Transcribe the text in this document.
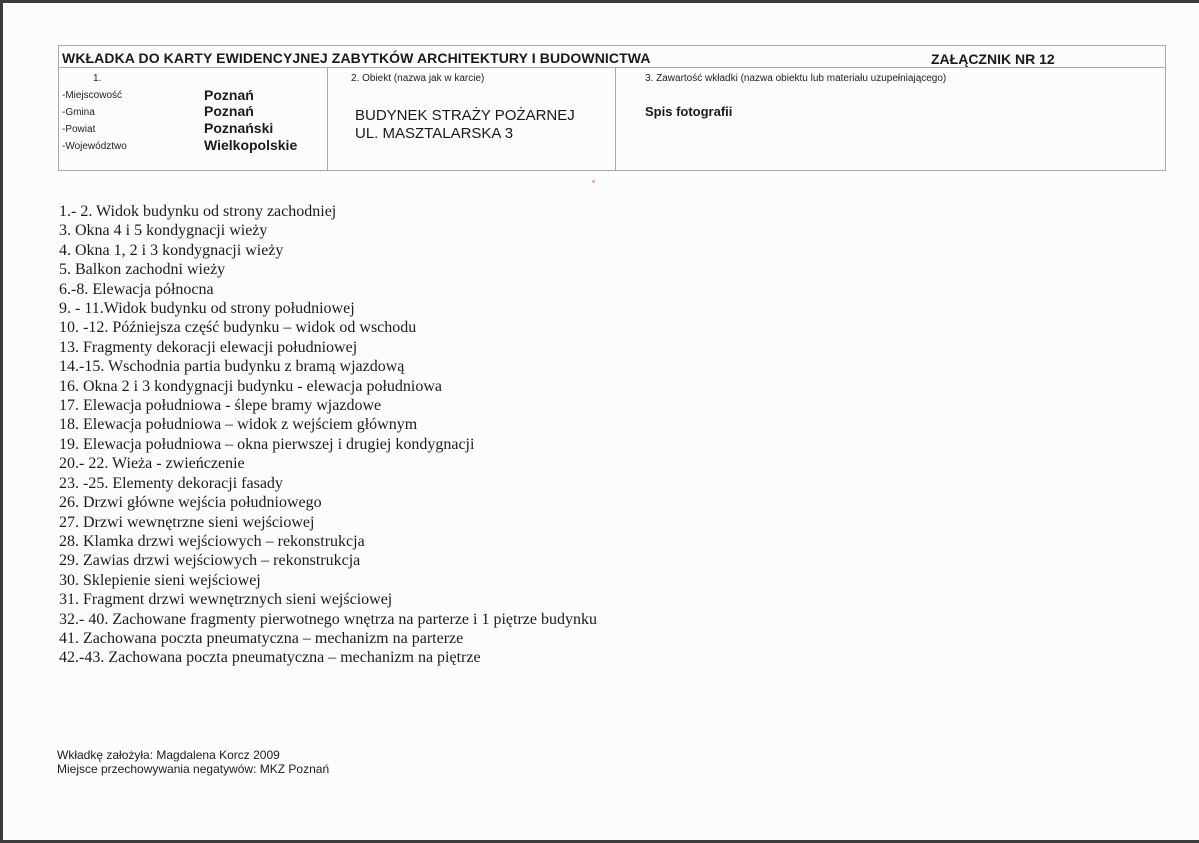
WKŁADKA DO KARTY EWIDENCYJNEJ ZABYTKÓW ARCHITEKTURY I BUDOWNICTWA	ZAŁĄCZNIK NR 12
1.
-Miejscowość	Poznań
-Gmina	Poznań
-Powiat	Poznański
-Województwo	Wielkopolskie
2. Obiekt (nazwa jak w karcie)
BUDYNEK STRAŻY POŻARNEJ
UL. MASZTALARSKA 3
3. Zawartość wkładki (nazwa obiektu lub materiału uzupełniającego)
Spis fotografii
1.- 2. Widok budynku od strony zachodniej
3. Okna 4 i 5 kondygnacji wieży
4. Okna 1, 2 i 3 kondygnacji wieży
5. Balkon zachodni wieży
6.-8. Elewacja północna
9. - 11.Widok budynku od strony południowej
10. -12. Późniejsza część budynku – widok od wschodu
13. Fragmenty dekoracji elewacji południowej
14.-15. Wschodnia partia budynku z bramą wjazdową
16. Okna 2 i 3 kondygnacji budynku - elewacja południowa
17. Elewacja południowa - ślepe bramy wjazdowe
18. Elewacja południowa – widok z wejściem głównym
19. Elewacja południowa – okna pierwszej i drugiej kondygnacji
20.- 22. Wieża - zwieńczenie
23. -25. Elementy dekoracji fasady
26. Drzwi główne wejścia południowego
27. Drzwi wewnętrzne sieni wejściowej
28. Klamka drzwi wejściowych – rekonstrukcja
29. Zawias drzwi wejściowych – rekonstrukcja
30. Sklepienie sieni wejściowej
31. Fragment drzwi wewnętrznych sieni wejściowej
32.- 40. Zachowane fragmenty pierwotnego wnętrza na parterze i 1 piętrze budynku
41. Zachowana poczta pneumatyczna – mechanizm na parterze
42.-43. Zachowana poczta pneumatyczna – mechanizm na piętrze
Wkładkę założyła: Magdalena Korcz 2009
Miejsce przechowywania negatywów: MKZ Poznań
